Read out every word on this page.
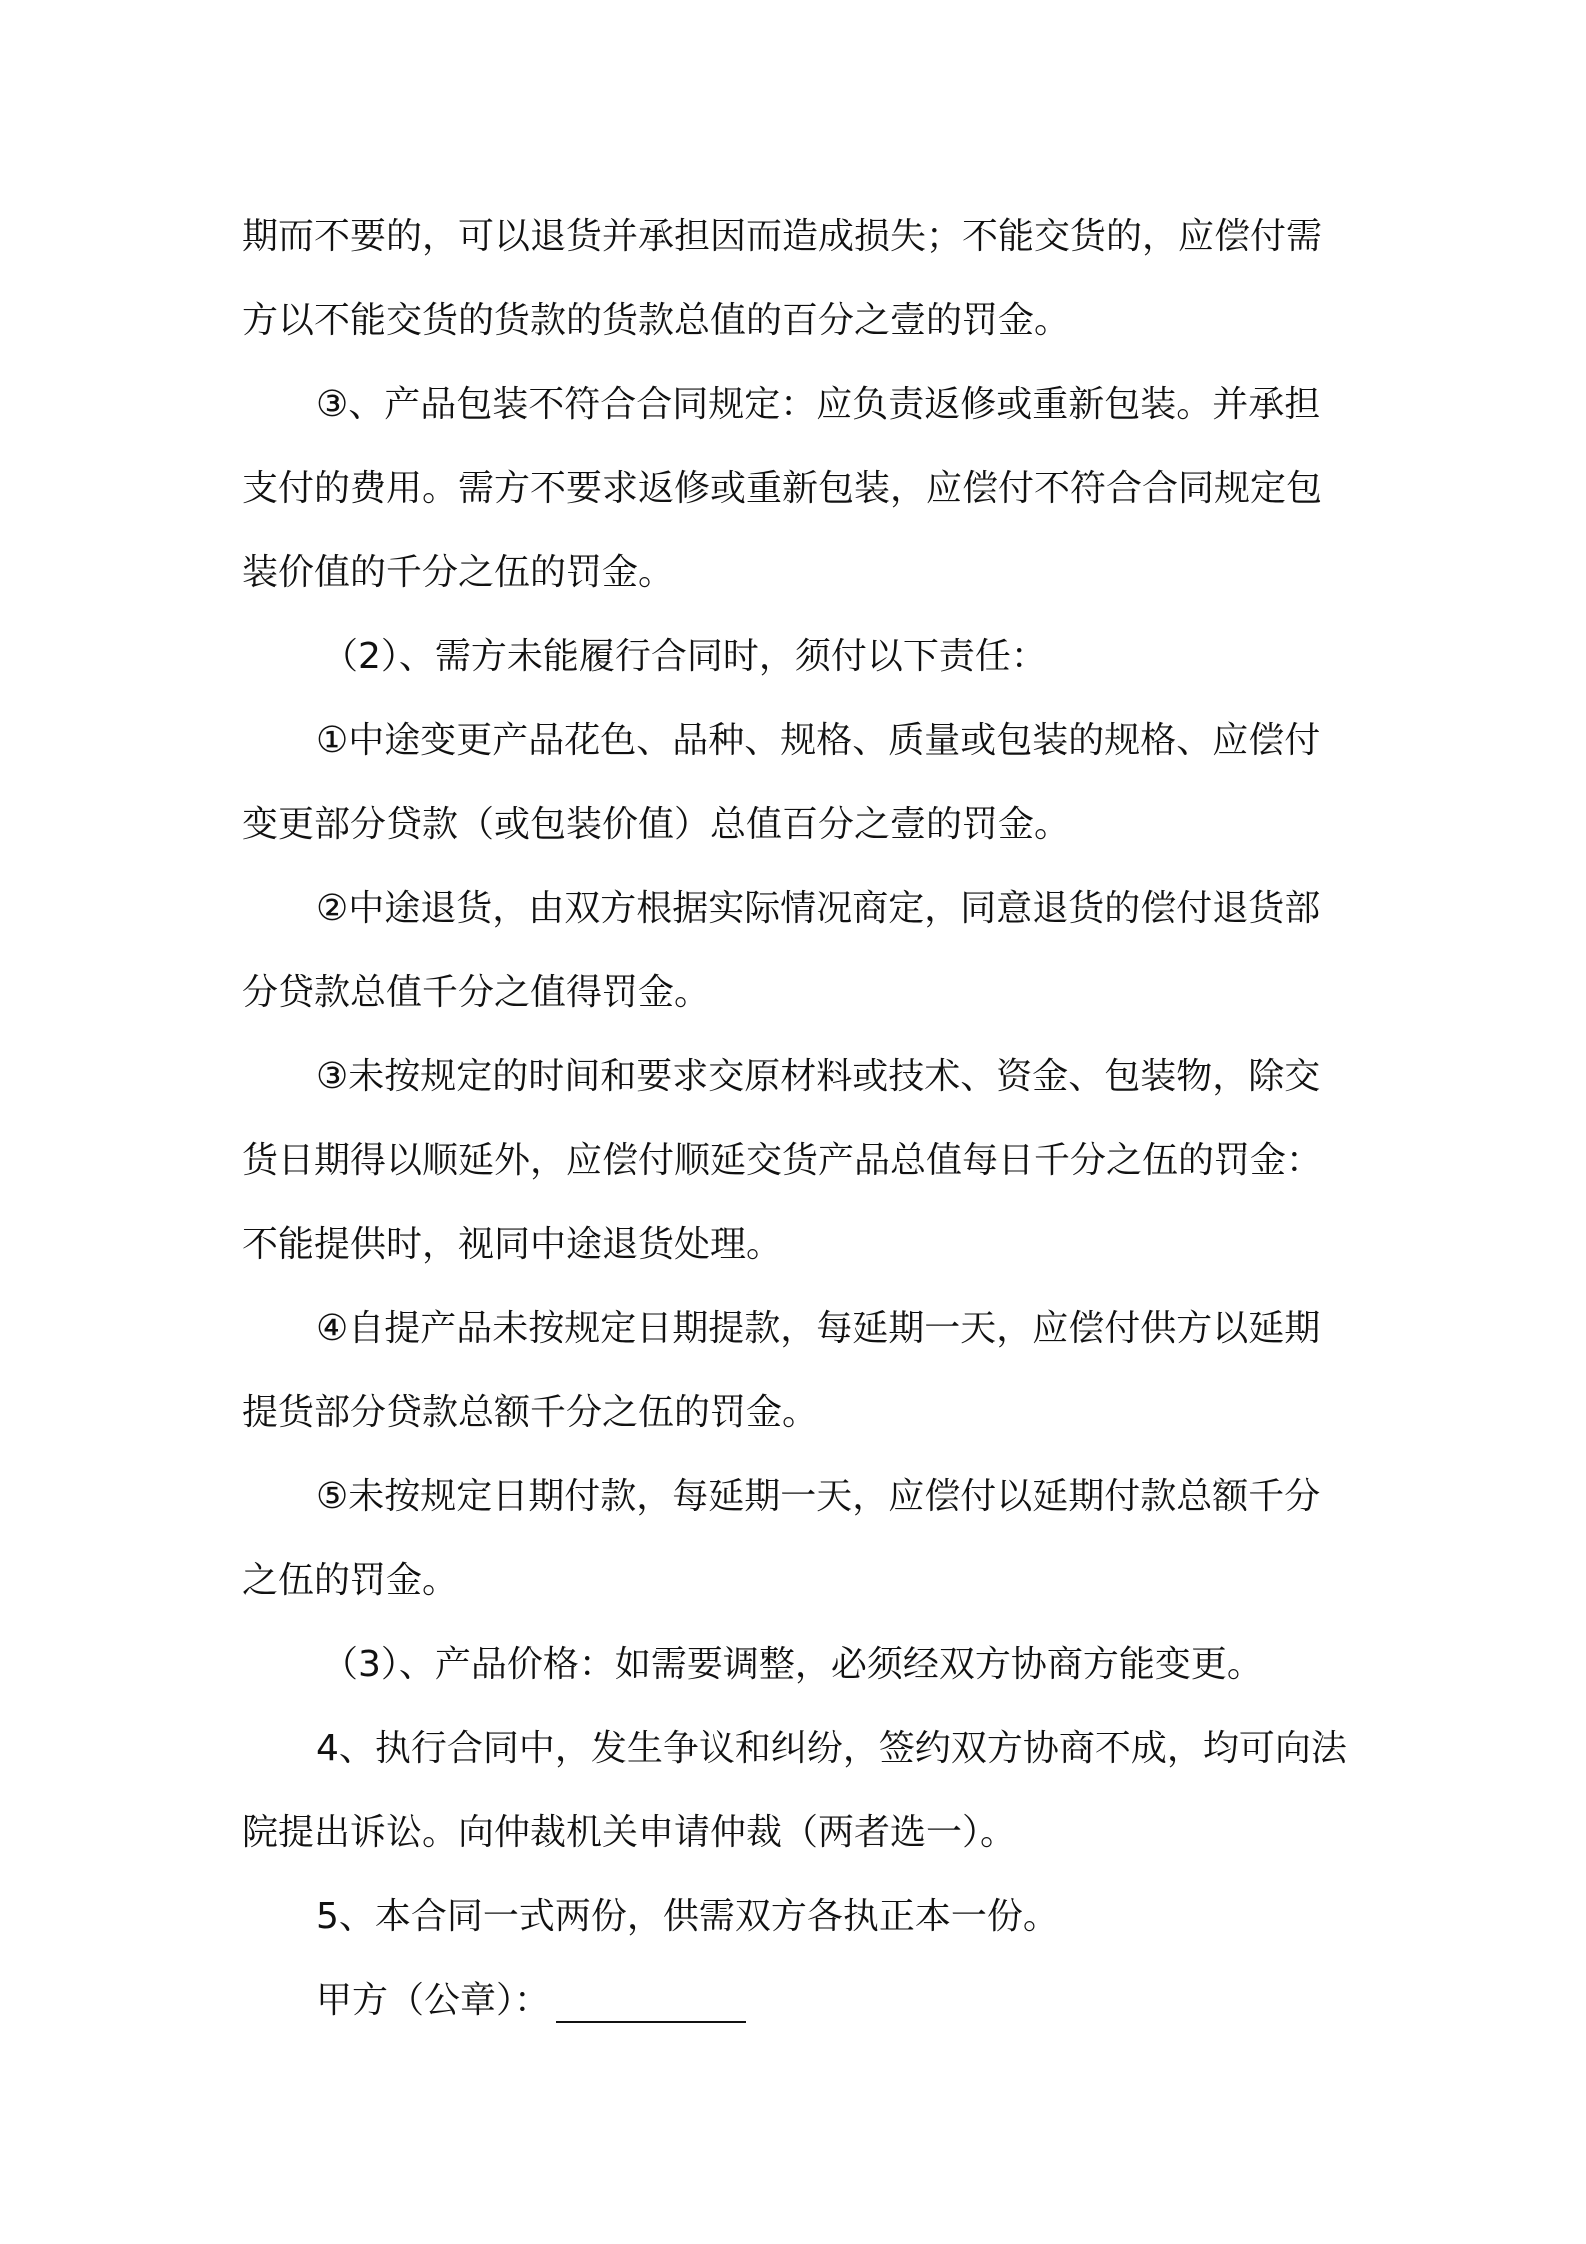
期而不要的，可以退货并承担因而造成损失；不能交货的，应偿付需方以不能交货的货款的货款总值的百分之壹的罚金。

③、产品包装不符合合同规定：应负责返修或重新包装。并承担支付的费用。需方不要求返修或重新包装，应偿付不符合合同规定包装价值的千分之伍的罚金。

（2）、需方未能履行合同时，须付以下责任：

①中途变更产品花色、品种、规格、质量或包装的规格、应偿付变更部分贷款（或包装价值）总值百分之壹的罚金。

②中途退货，由双方根据实际情况商定，同意退货的偿付退货部分贷款总值千分之值得罚金。

③未按规定的时间和要求交原材料或技术、资金、包装物，除交货日期得以顺延外，应偿付顺延交货产品总值每日千分之伍的罚金：不能提供时，视同中途退货处理。

④自提产品未按规定日期提款，每延期一天，应偿付供方以延期提货部分贷款总额千分之伍的罚金。

⑤未按规定日期付款，每延期一天，应偿付以延期付款总额千分之伍的罚金。

（3）、产品价格：如需要调整，必须经双方协商方能变更。

4、执行合同中，发生争议和纠纷，签约双方协商不成，均可向法院提出诉讼。向仲裁机关申请仲裁（两者选一）。

5、本合同一式两份，供需双方各执正本一份。

甲方（公章）：
